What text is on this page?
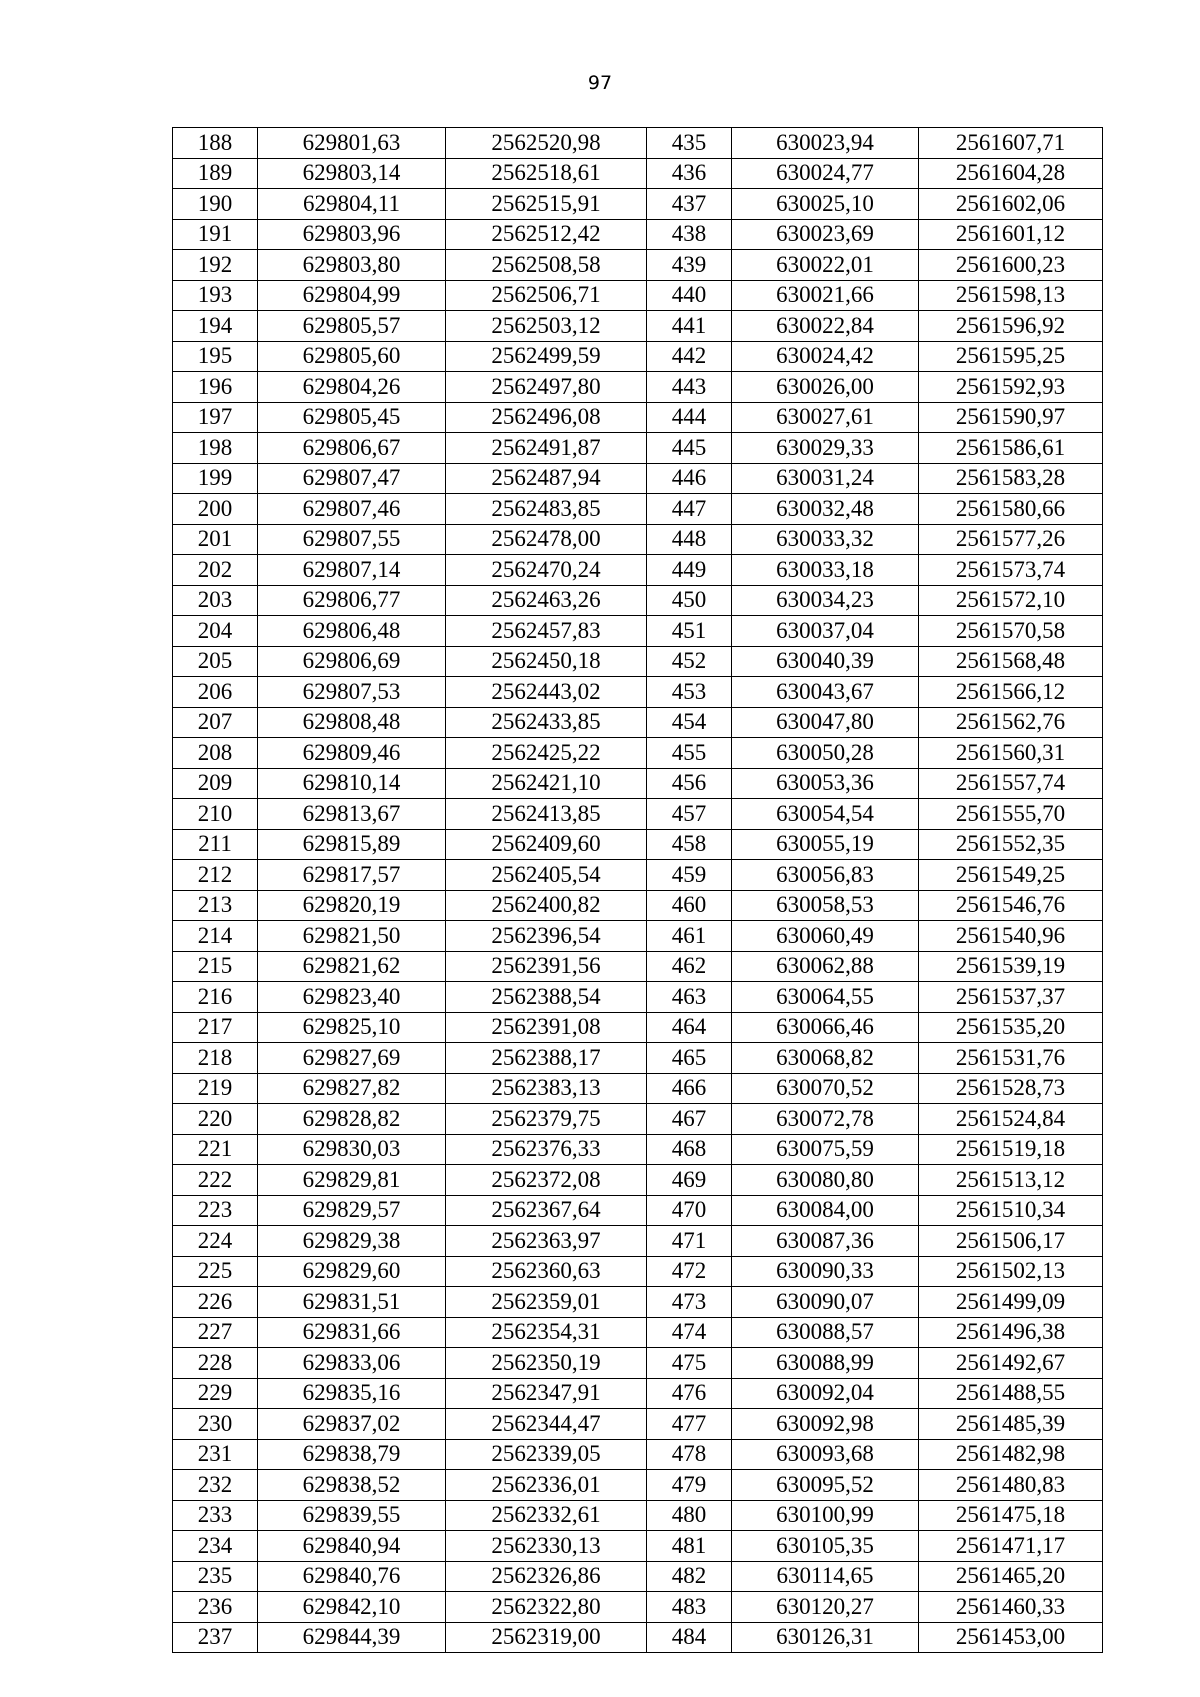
97
188	629801,63	2562520,98	435	630023,94	2561607,71
189	629803,14	2562518,61	436	630024,77	2561604,28
190	629804,11	2562515,91	437	630025,10	2561602,06
191	629803,96	2562512,42	438	630023,69	2561601,12
192	629803,80	2562508,58	439	630022,01	2561600,23
193	629804,99	2562506,71	440	630021,66	2561598,13
194	629805,57	2562503,12	441	630022,84	2561596,92
195	629805,60	2562499,59	442	630024,42	2561595,25
196	629804,26	2562497,80	443	630026,00	2561592,93
197	629805,45	2562496,08	444	630027,61	2561590,97
198	629806,67	2562491,87	445	630029,33	2561586,61
199	629807,47	2562487,94	446	630031,24	2561583,28
200	629807,46	2562483,85	447	630032,48	2561580,66
201	629807,55	2562478,00	448	630033,32	2561577,26
202	629807,14	2562470,24	449	630033,18	2561573,74
203	629806,77	2562463,26	450	630034,23	2561572,10
204	629806,48	2562457,83	451	630037,04	2561570,58
205	629806,69	2562450,18	452	630040,39	2561568,48
206	629807,53	2562443,02	453	630043,67	2561566,12
207	629808,48	2562433,85	454	630047,80	2561562,76
208	629809,46	2562425,22	455	630050,28	2561560,31
209	629810,14	2562421,10	456	630053,36	2561557,74
210	629813,67	2562413,85	457	630054,54	2561555,70
211	629815,89	2562409,60	458	630055,19	2561552,35
212	629817,57	2562405,54	459	630056,83	2561549,25
213	629820,19	2562400,82	460	630058,53	2561546,76
214	629821,50	2562396,54	461	630060,49	2561540,96
215	629821,62	2562391,56	462	630062,88	2561539,19
216	629823,40	2562388,54	463	630064,55	2561537,37
217	629825,10	2562391,08	464	630066,46	2561535,20
218	629827,69	2562388,17	465	630068,82	2561531,76
219	629827,82	2562383,13	466	630070,52	2561528,73
220	629828,82	2562379,75	467	630072,78	2561524,84
221	629830,03	2562376,33	468	630075,59	2561519,18
222	629829,81	2562372,08	469	630080,80	2561513,12
223	629829,57	2562367,64	470	630084,00	2561510,34
224	629829,38	2562363,97	471	630087,36	2561506,17
225	629829,60	2562360,63	472	630090,33	2561502,13
226	629831,51	2562359,01	473	630090,07	2561499,09
227	629831,66	2562354,31	474	630088,57	2561496,38
228	629833,06	2562350,19	475	630088,99	2561492,67
229	629835,16	2562347,91	476	630092,04	2561488,55
230	629837,02	2562344,47	477	630092,98	2561485,39
231	629838,79	2562339,05	478	630093,68	2561482,98
232	629838,52	2562336,01	479	630095,52	2561480,83
233	629839,55	2562332,61	480	630100,99	2561475,18
234	629840,94	2562330,13	481	630105,35	2561471,17
235	629840,76	2562326,86	482	630114,65	2561465,20
236	629842,10	2562322,80	483	630120,27	2561460,33
237	629844,39	2562319,00	484	630126,31	2561453,00
